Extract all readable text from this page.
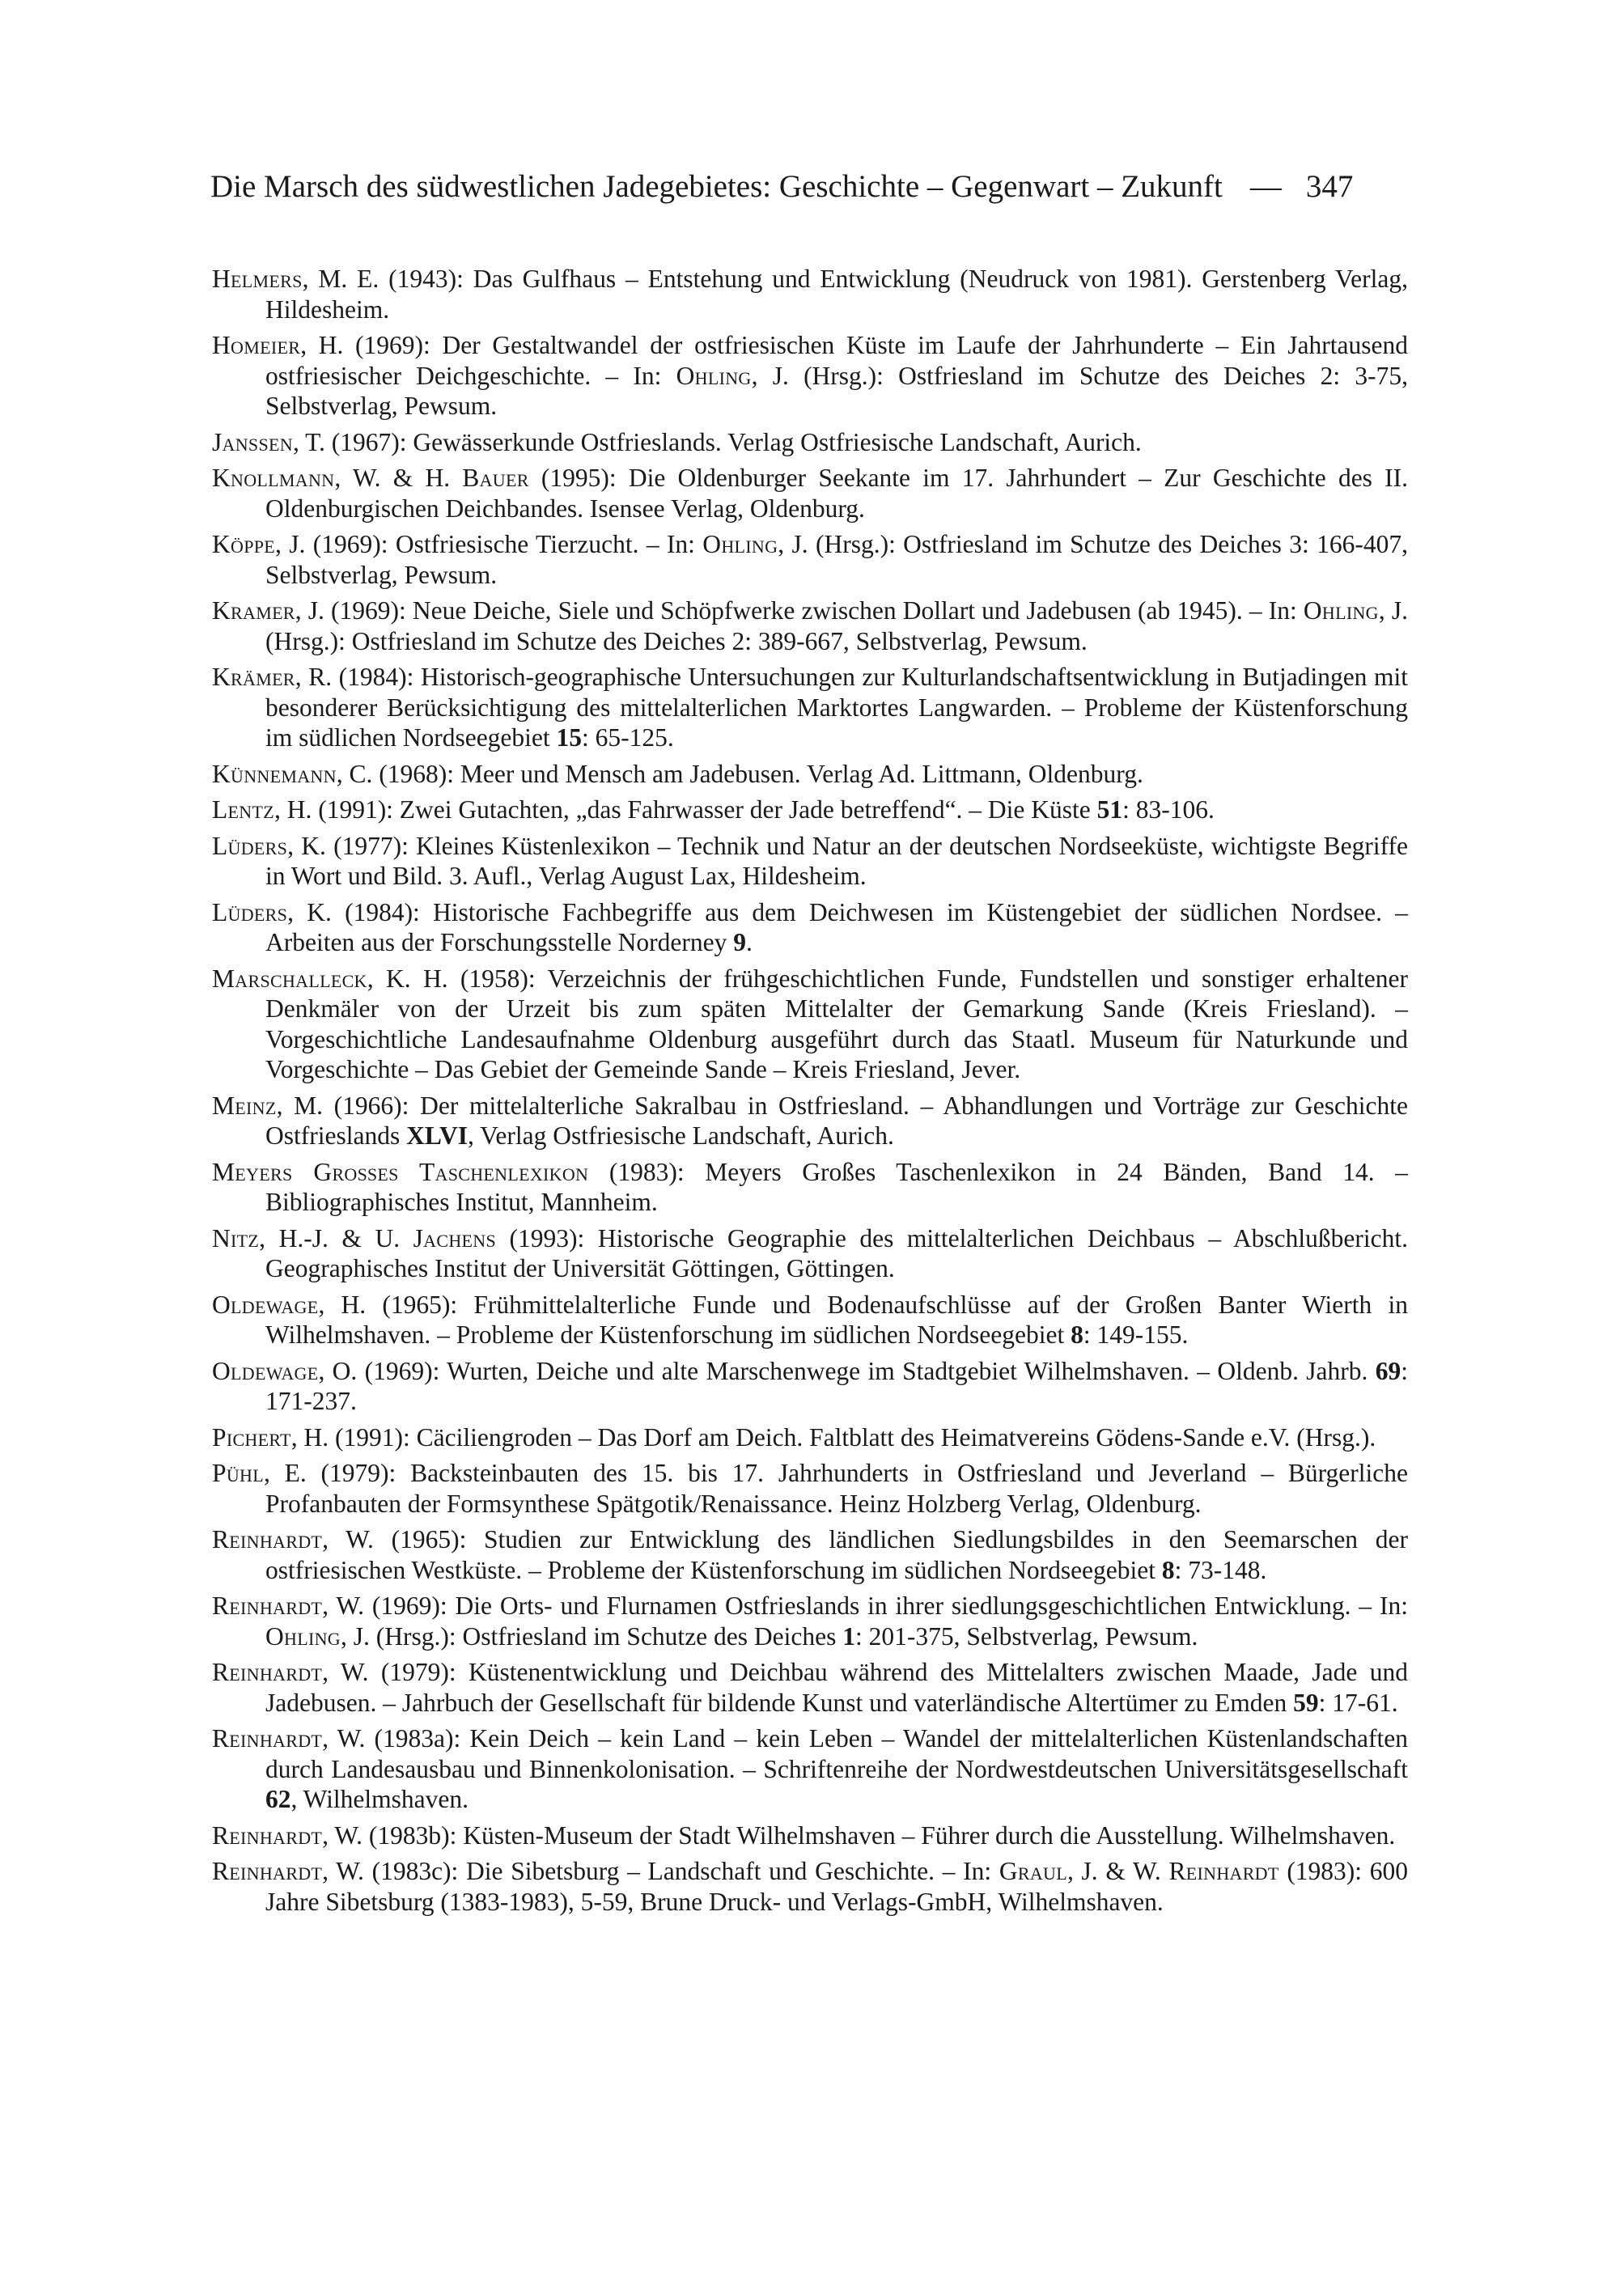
Die Marsch des südwestlichen Jadegebietes: Geschichte – Gegenwart – Zukunft — 347

Helmers, M. E. (1943): Das Gulfhaus – Entstehung und Entwicklung (Neudruck von 1981). Gerstenberg Verlag, Hildesheim.

Homeier, H. (1969): Der Gestaltwandel der ostfriesischen Küste im Laufe der Jahrhunderte – Ein Jahrtausend ostfriesischer Deichgeschichte. – In: Ohling, J. (Hrsg.): Ostfriesland im Schutze des Deiches 2: 3-75, Selbstverlag, Pewsum.

Janssen, T. (1967): Gewässerkunde Ostfrieslands. Verlag Ostfriesische Landschaft, Aurich.

Knollmann, W. & H. Bauer (1995): Die Oldenburger Seekante im 17. Jahrhundert – Zur Geschichte des II. Oldenburgischen Deichbandes. Isensee Verlag, Oldenburg.

Köppe, J. (1969): Ostfriesische Tierzucht. – In: Ohling, J. (Hrsg.): Ostfriesland im Schutze des Deiches 3: 166-407, Selbstverlag, Pewsum.

Kramer, J. (1969): Neue Deiche, Siele und Schöpfwerke zwischen Dollart und Jadebusen (ab 1945). – In: Ohling, J. (Hrsg.): Ostfriesland im Schutze des Deiches 2: 389-667, Selbstverlag, Pewsum.

Krämer, R. (1984): Historisch-geographische Untersuchungen zur Kulturlandschaftsentwicklung in Butjadingen mit besonderer Berücksichtigung des mittelalterlichen Marktortes Langwarden. – Probleme der Küstenforschung im südlichen Nordseegebiet 15: 65-125.

Künnemann, C. (1968): Meer und Mensch am Jadebusen. Verlag Ad. Littmann, Oldenburg.

Lentz, H. (1991): Zwei Gutachten, „das Fahrwasser der Jade betreffend“. – Die Küste 51: 83-106.

Lüders, K. (1977): Kleines Küstenlexikon – Technik und Natur an der deutschen Nordseeküste, wichtigste Begriffe in Wort und Bild. 3. Aufl., Verlag August Lax, Hildesheim.

Lüders, K. (1984): Historische Fachbegriffe aus dem Deichwesen im Küstengebiet der südlichen Nordsee. – Arbeiten aus der Forschungsstelle Norderney 9.

Marschalleck, K. H. (1958): Verzeichnis der frühgeschichtlichen Funde, Fundstellen und sonstiger erhaltener Denkmäler von der Urzeit bis zum späten Mittelalter der Gemarkung Sande (Kreis Friesland). – Vorgeschichtliche Landesaufnahme Oldenburg ausgeführt durch das Staatl. Museum für Naturkunde und Vorgeschichte – Das Gebiet der Gemeinde Sande – Kreis Friesland, Jever.

Meinz, M. (1966): Der mittelalterliche Sakralbau in Ostfriesland. – Abhandlungen und Vorträge zur Geschichte Ostfrieslands XLVI, Verlag Ostfriesische Landschaft, Aurich.

Meyers Großes Taschenlexikon (1983): Meyers Großes Taschenlexikon in 24 Bänden, Band 14. – Bibliographisches Institut, Mannheim.

Nitz, H.-J. & U. Jachens (1993): Historische Geographie des mittelalterlichen Deichbaus – Abschlußbericht. Geographisches Institut der Universität Göttingen, Göttingen.

Oldewage, H. (1965): Frühmittelalterliche Funde und Bodenaufschlüsse auf der Großen Banter Wierth in Wilhelmshaven. – Probleme der Küstenforschung im südlichen Nordseegebiet 8: 149-155.

Oldewage, O. (1969): Wurten, Deiche und alte Marschenwege im Stadtgebiet Wilhelmshaven. – Oldenb. Jahrb. 69: 171-237.

Pichert, H. (1991): Cäciliengroden – Das Dorf am Deich. Faltblatt des Heimatvereins Gödens-Sande e.V. (Hrsg.).

Pühl, E. (1979): Backsteinbauten des 15. bis 17. Jahrhunderts in Ostfriesland und Jeverland – Bürgerliche Profanbauten der Formsynthese Spätgotik/Renaissance. Heinz Holzberg Verlag, Oldenburg.

Reinhardt, W. (1965): Studien zur Entwicklung des ländlichen Siedlungsbildes in den Seemarschen der ostfriesischen Westküste. – Probleme der Küstenforschung im südlichen Nordseegebiet 8: 73-148.

Reinhardt, W. (1969): Die Orts- und Flurnamen Ostfrieslands in ihrer siedlungsgeschichtlichen Entwicklung. – In: Ohling, J. (Hrsg.): Ostfriesland im Schutze des Deiches 1: 201-375, Selbstverlag, Pewsum.

Reinhardt, W. (1979): Küstenentwicklung und Deichbau während des Mittelalters zwischen Maade, Jade und Jadebusen. – Jahrbuch der Gesellschaft für bildende Kunst und vaterländische Altertümer zu Emden 59: 17-61.

Reinhardt, W. (1983a): Kein Deich – kein Land – kein Leben – Wandel der mittelalterlichen Küstenlandschaften durch Landesausbau und Binnenkolonisation. – Schriftenreihe der Nordwestdeutschen Universitätsgesellschaft 62, Wilhelmshaven.

Reinhardt, W. (1983b): Küsten-Museum der Stadt Wilhelmshaven – Führer durch die Ausstellung. Wilhelmshaven.

Reinhardt, W. (1983c): Die Sibetsburg – Landschaft und Geschichte. – In: Graul, J. & W. Reinhardt (1983): 600 Jahre Sibetsburg (1383-1983), 5-59, Brune Druck- und Verlags-GmbH, Wilhelmshaven.
